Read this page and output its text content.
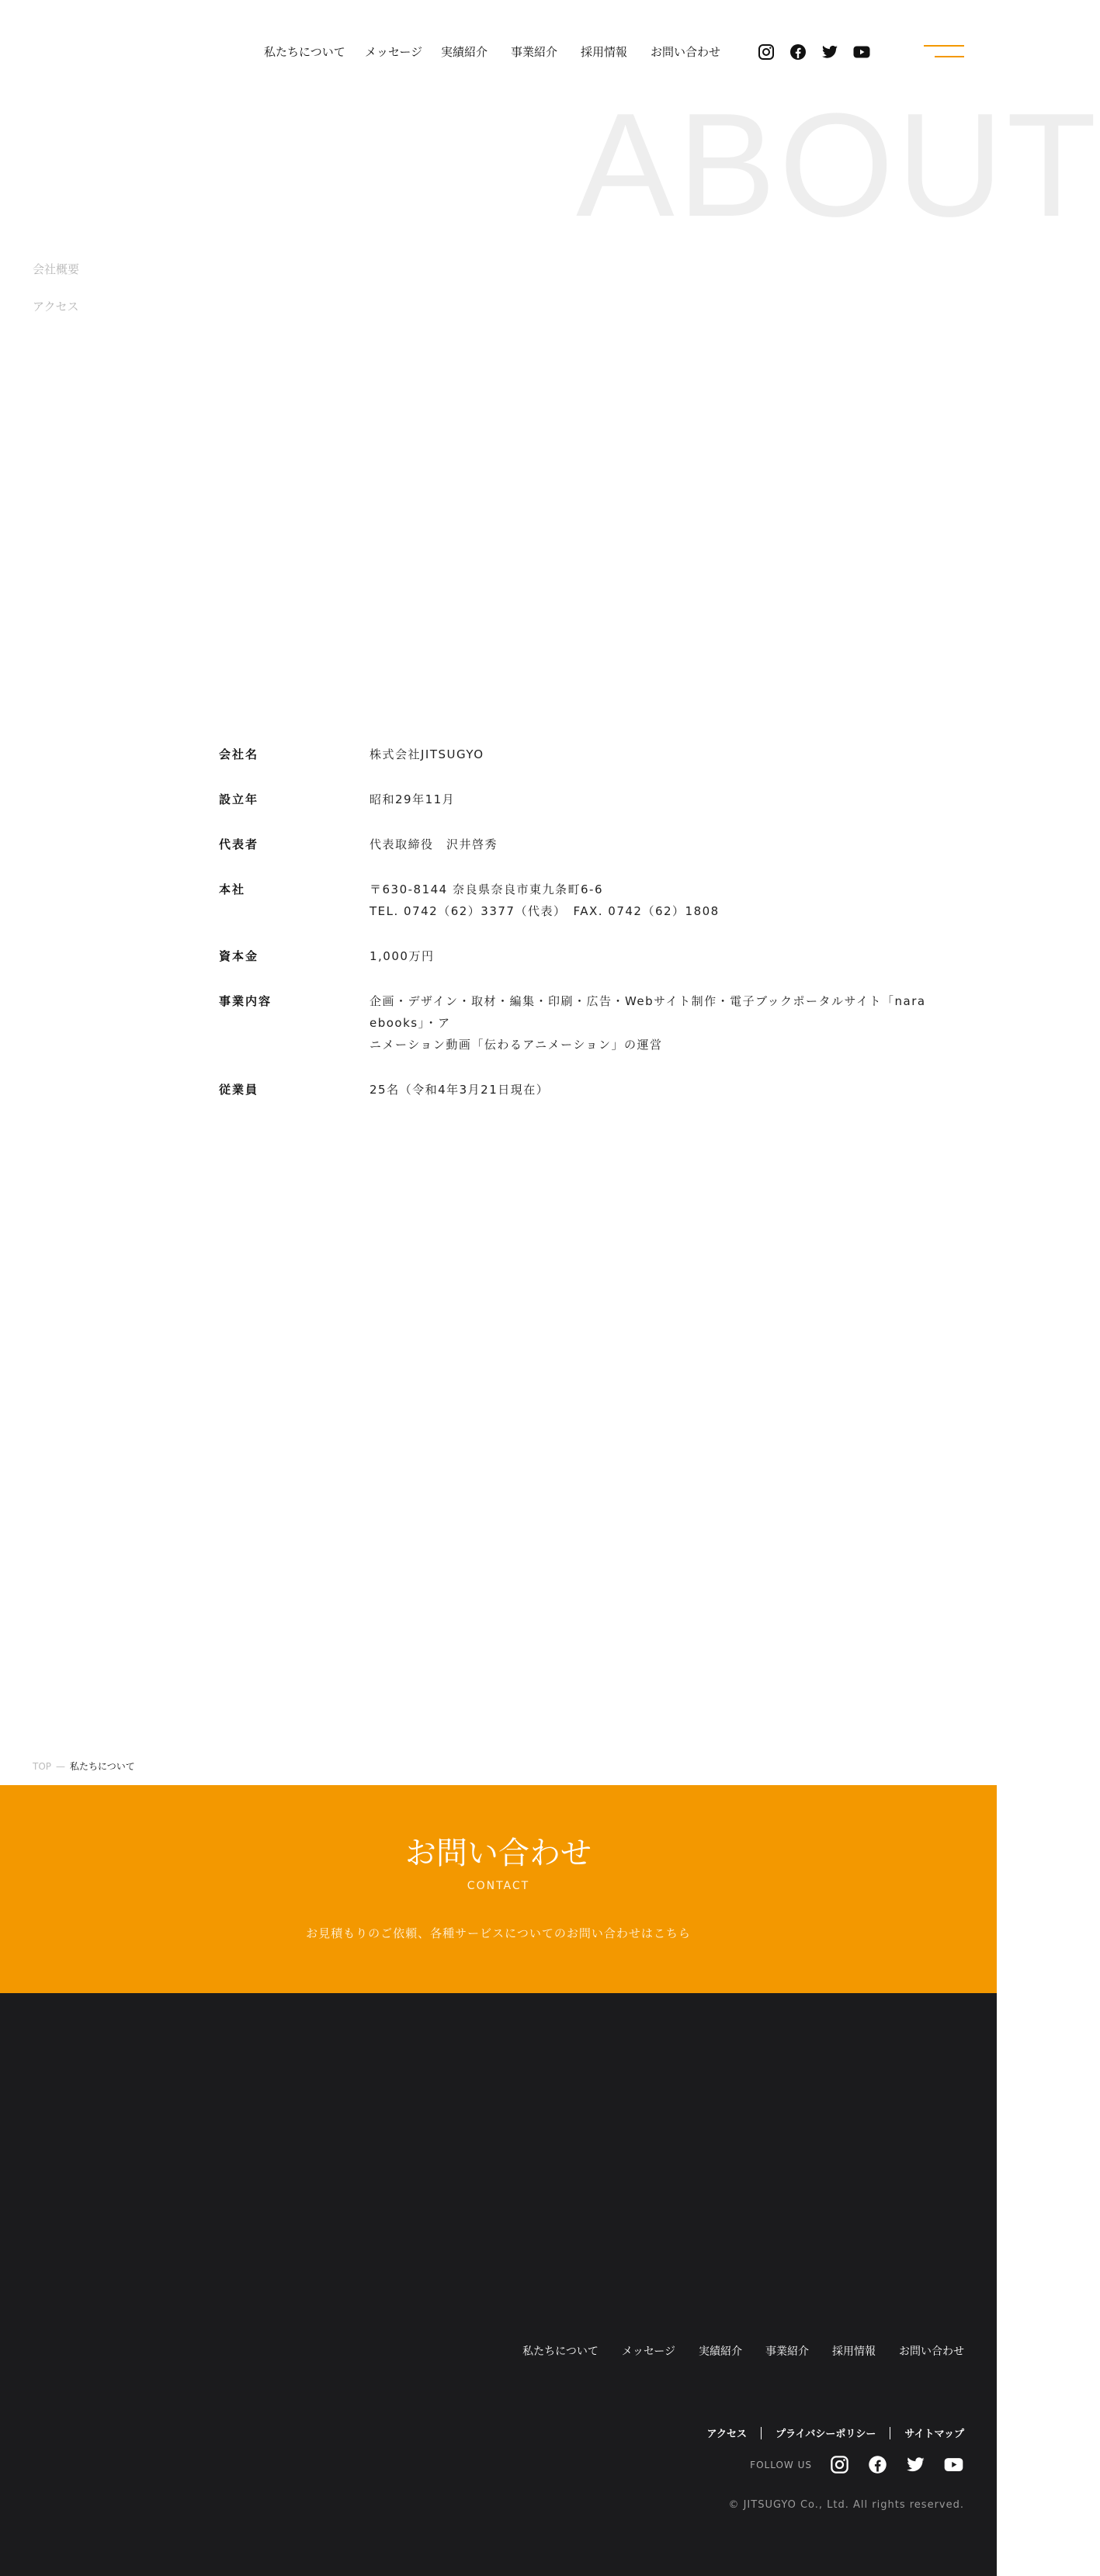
私たちについて メッセージ 実績紹介 事業紹介 採用情報 お問い合わせ
ABOUT
会社概要
アクセス
会社名	株式会社JITSUGYO
設立年	昭和29年11月
代表者	代表取締役　沢井啓秀
本社	〒630-8144 奈良県奈良市東九条町6-6
TEL. 0742（62）3377（代表）　FAX. 0742（62）1808
資本金	1,000万円
事業内容	企画・デザイン・取材・編集・印刷・広告・Webサイト制作・電子ブックポータルサイト「nara ebooks」・ア
ニメーション動画「伝わるアニメーション」の運営
従業員	25名（令和4年3月21日現在）
TOP — 私たちについて
お問い合わせ
CONTACT
お見積もりのご依頼、各種サービスについてのお問い合わせはこちら
私たちについて メッセージ 実績紹介 事業紹介 採用情報 お問い合わせ
アクセス	プライバシーポリシー	サイトマップ
FOLLOW US
© JITSUGYO Co., Ltd. All rights reserved.
